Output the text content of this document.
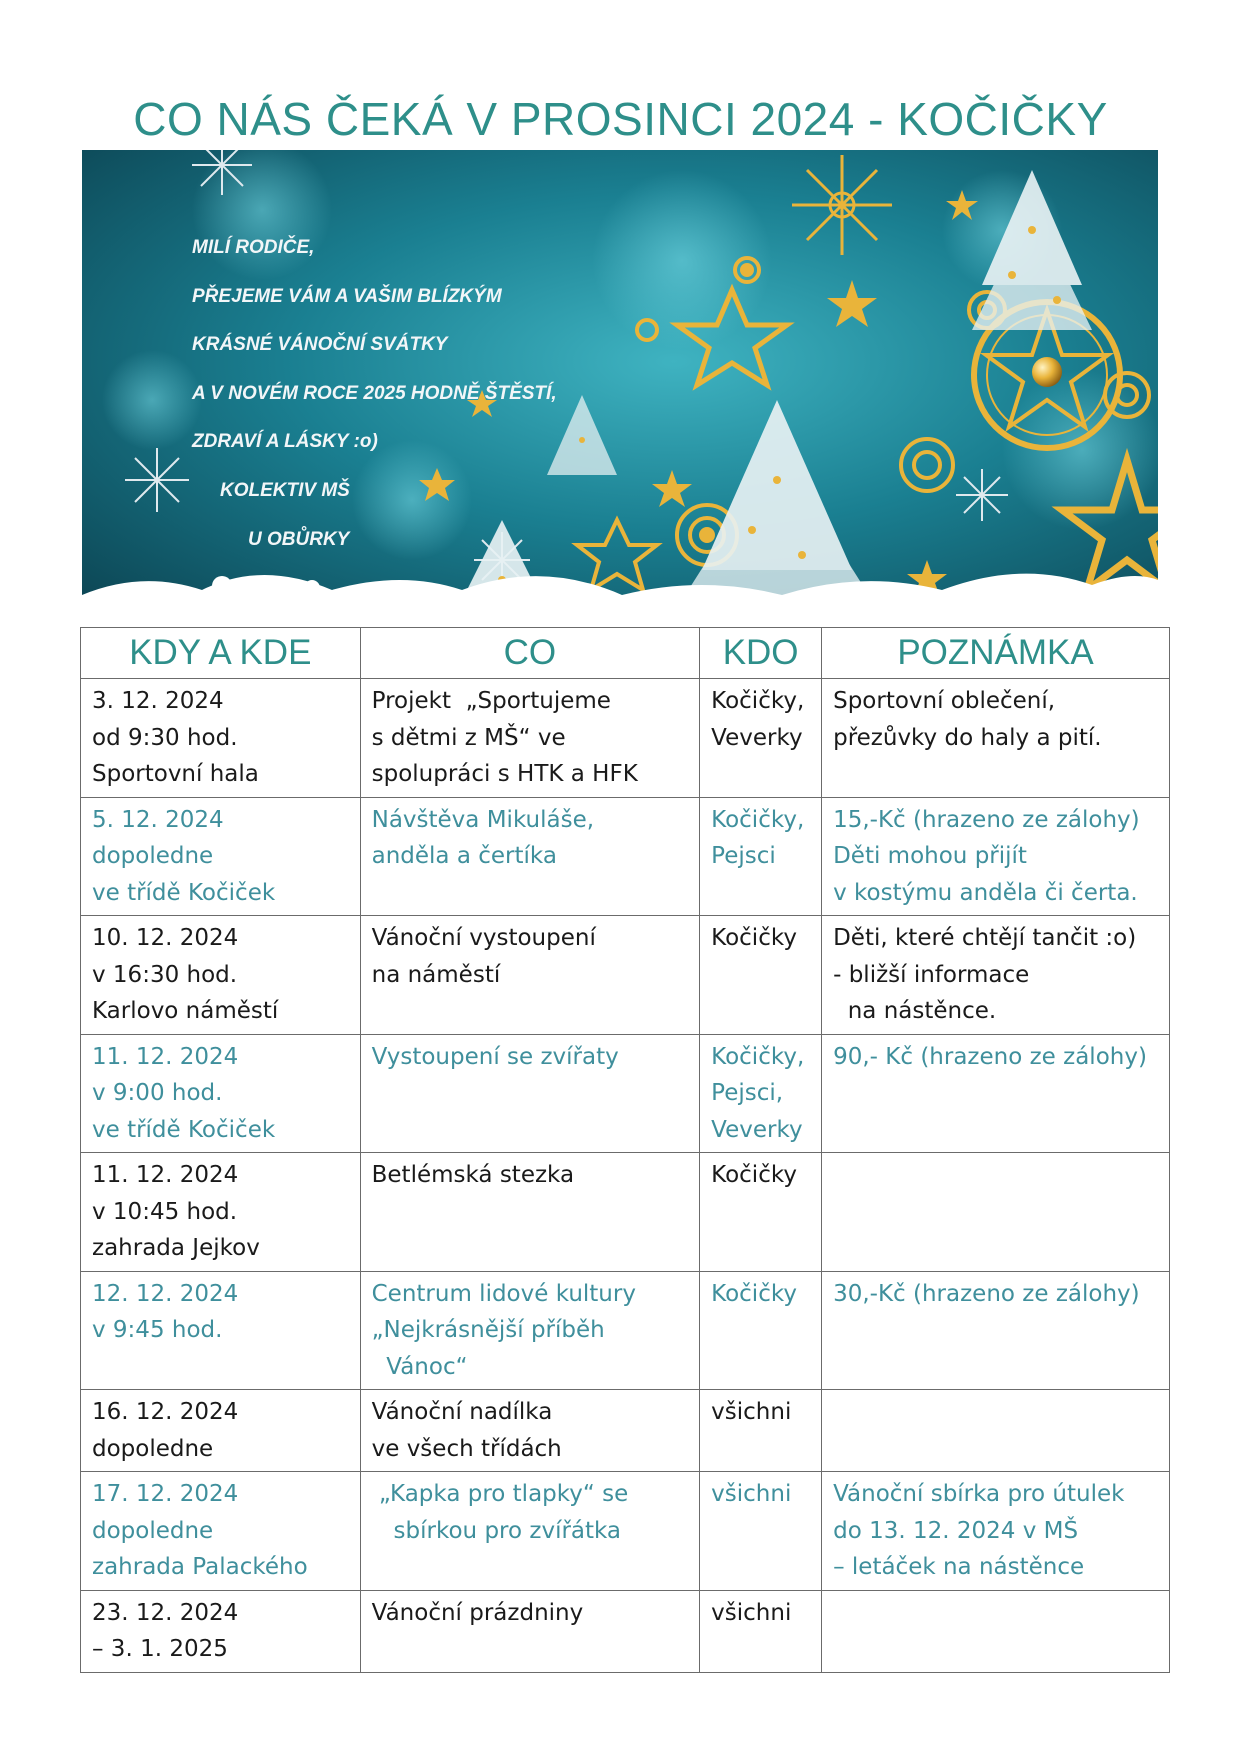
CO NÁS ČEKÁ V PROSINCI 2024 - KOČIČKY
MILÍ RODIČE,
PŘEJEME VÁM A VAŠIM BLÍZKÝM
KRÁSNÉ VÁNOČNÍ SVÁTKY
A V NOVÉM ROCE 2025 HODNĚ ŠTĚSTÍ,
ZDRAVÍ A LÁSKY :o)
KOLEKTIV MŠ
U OBŮRKY
KDY A KDE	CO	KDO	POZNÁMKA

3. 12. 2024
od 9:30 hod.
Sportovní hala	Projekt  „Sportujeme
s dětmi z MŠ“ ve
spolupráci s HTK a HFK	Kočičky,
Veverky	Sportovní oblečení,
přezůvky do haly a pití.

5. 12. 2024
dopoledne
ve třídě Kočiček	Návštěva Mikuláše,
anděla a čertíka	Kočičky,
Pejsci	15,-Kč (hrazeno ze zálohy)
Děti mohou přijít
v kostýmu anděla či čerta.

10. 12. 2024
v 16:30 hod.
Karlovo náměstí	Vánoční vystoupení
na náměstí	Kočičky	Děti, které chtějí tančit :o)
- bližší informace
na nástěnce.

11. 12. 2024
v 9:00 hod.
ve třídě Kočiček	Vystoupení se zvířaty	Kočičky,
Pejsci,
Veverky	90,- Kč (hrazeno ze zálohy)

11. 12. 2024
v 10:45 hod.
zahrada Jejkov	Betlémská stezka	Kočičky	

12. 12. 2024
v 9:45 hod.	Centrum lidové kultury
„Nejkrásnější příběh
Vánoc“	Kočičky	30,-Kč (hrazeno ze zálohy)

16. 12. 2024
dopoledne	Vánoční nadílka
ve všech třídách	všichni	

17. 12. 2024
dopoledne
zahrada Palackého	„Kapka pro tlapky“ se
sbírkou pro zvířátka	všichni	Vánoční sbírka pro útulek
do 13. 12. 2024 v MŠ
– letáček na nástěnce

23. 12. 2024
– 3. 1. 2025	Vánoční prázdniny	všichni	
